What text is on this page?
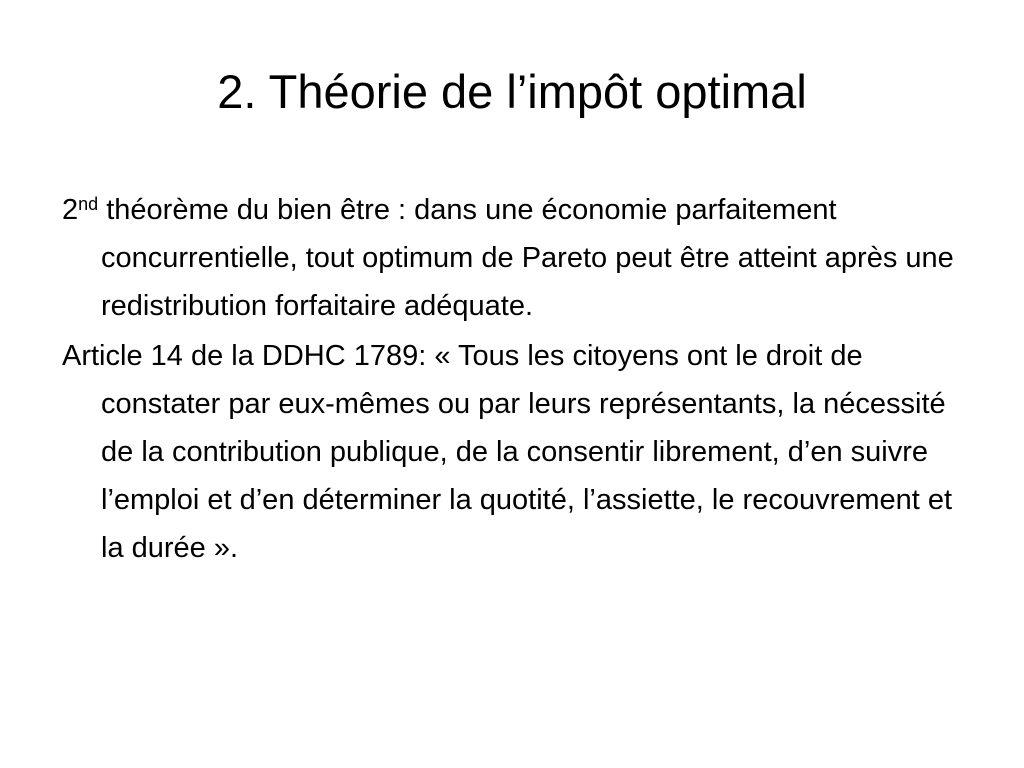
2. Théorie de l’impôt optimal
2nd théorème du bien être : dans une économie parfaitement concurrentielle, tout optimum de Pareto peut être atteint après une redistribution forfaitaire adéquate.
Article 14 de la DDHC 1789: « Tous les citoyens ont le droit de constater par eux-mêmes ou par leurs représentants, la nécessité de la contribution publique, de la consentir librement, d’en suivre l’emploi et d’en déterminer la quotité, l’assiette, le recouvrement et la durée ».
